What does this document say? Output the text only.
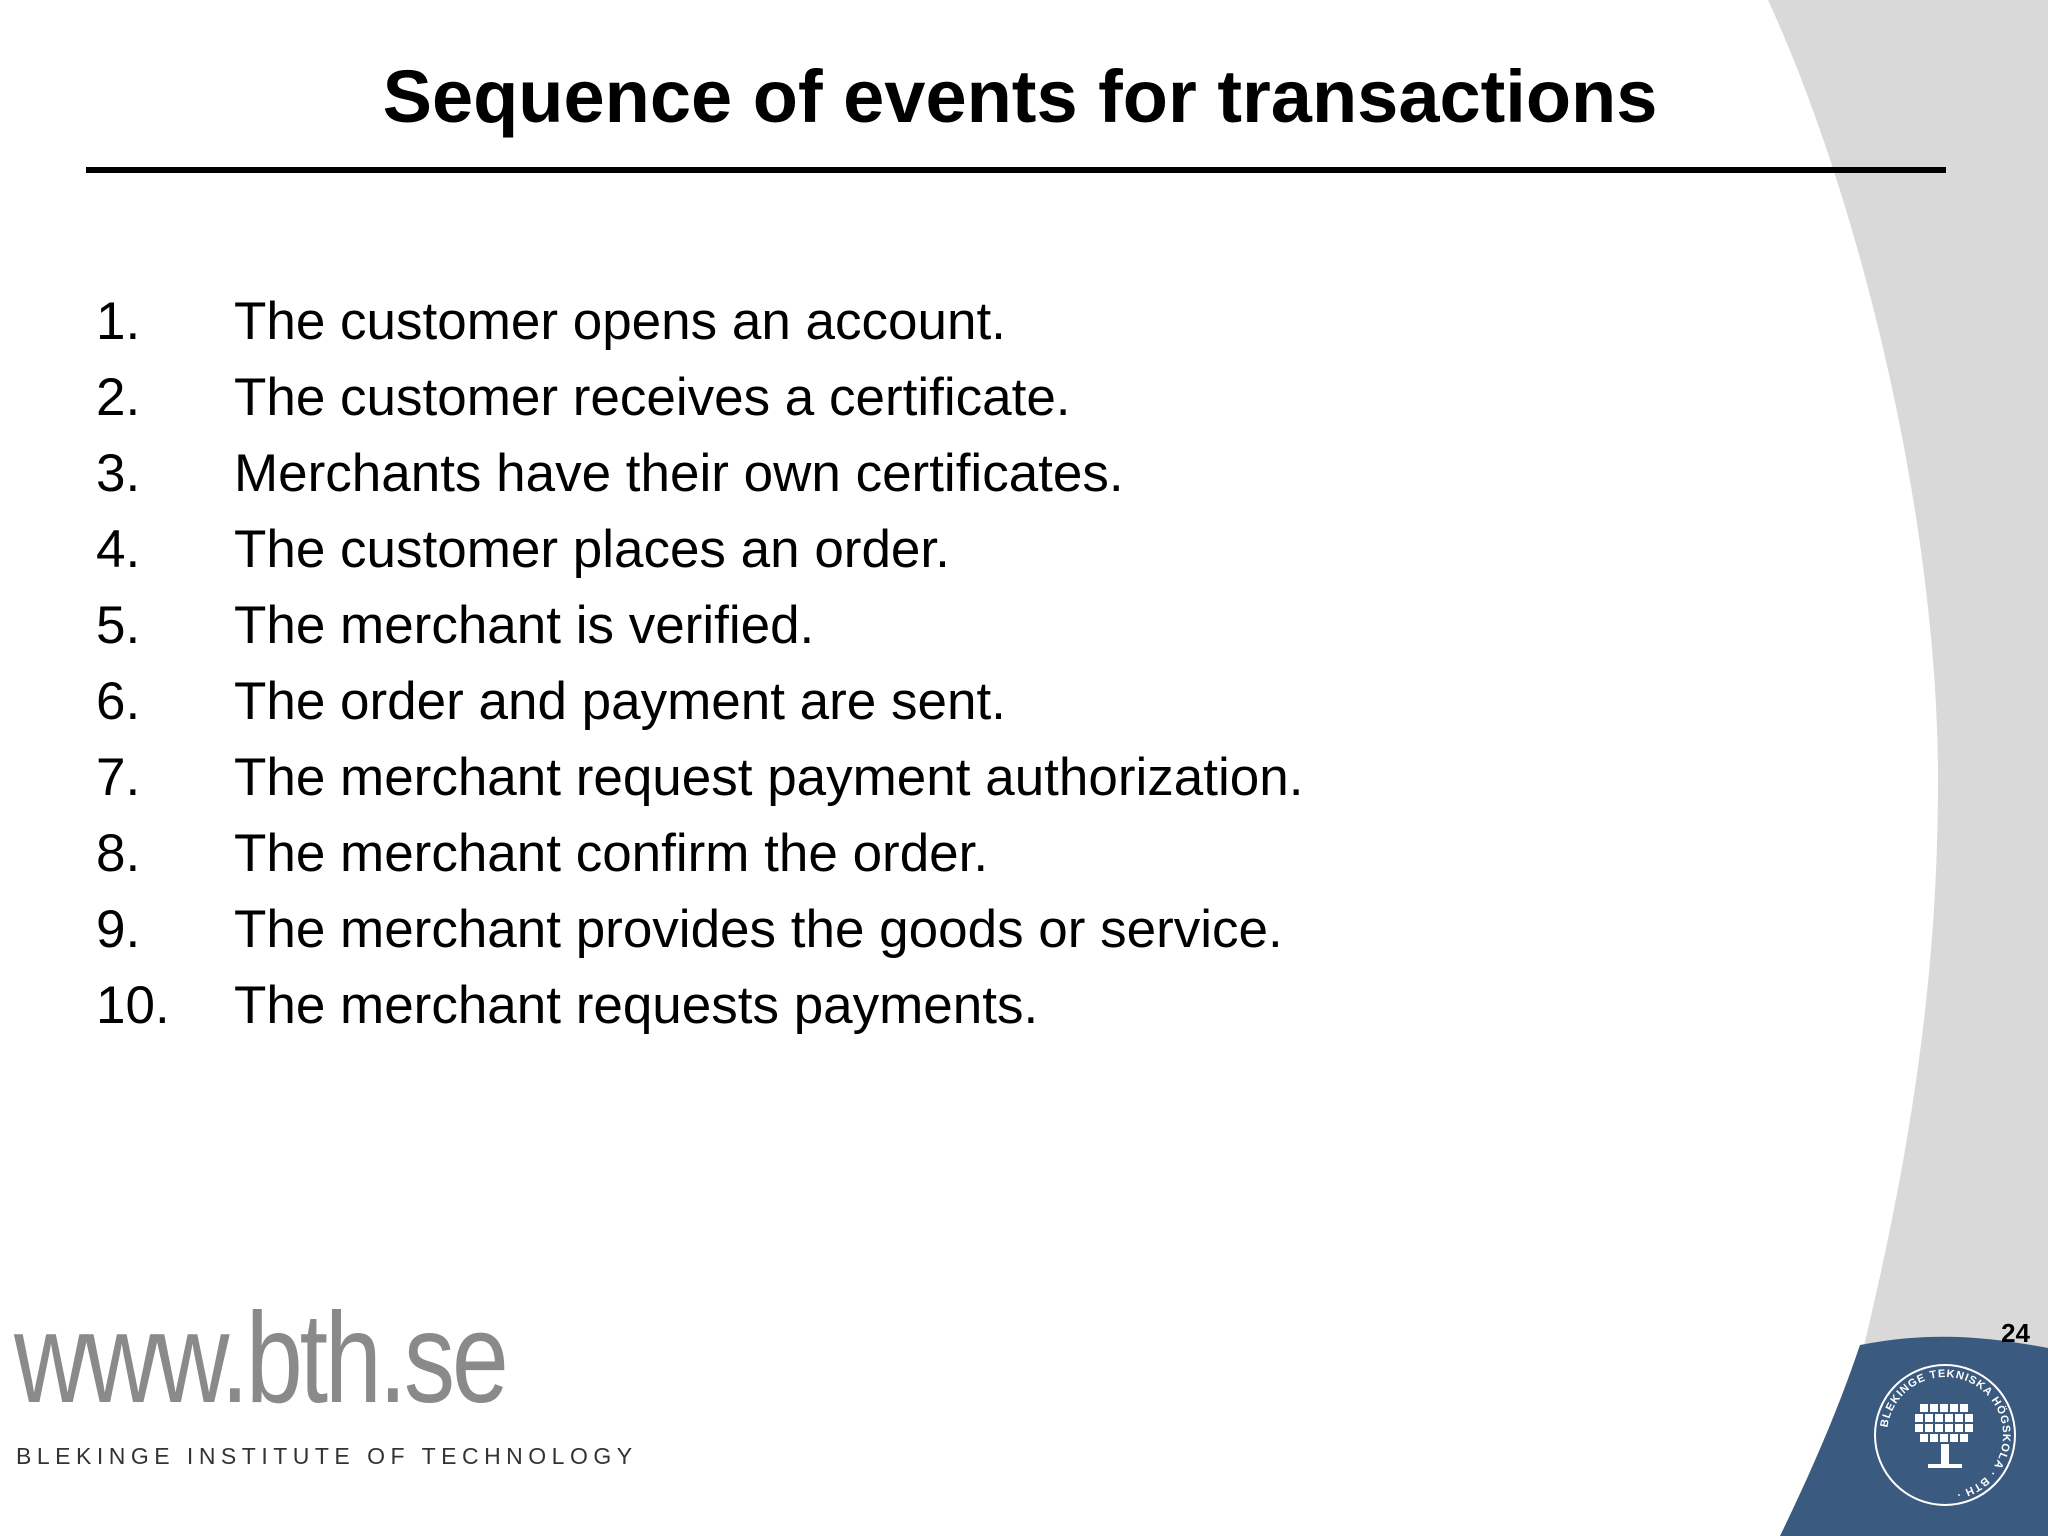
Sequence of events for transactions
1. The customer opens an account.
2. The customer receives a certificate.
3. Merchants have their own certificates.
4. The customer places an order.
5. The merchant is verified.
6. The order and payment are sent.
7. The merchant request payment authorization.
8. The merchant confirm the order.
9. The merchant provides the goods or service.
10. The merchant requests payments.
24
www.bth.se
BLEKINGE INSTITUTE OF TECHNOLOGY
BLEKINGE TEKNISKA HÖGSKOLA · BTH ·
